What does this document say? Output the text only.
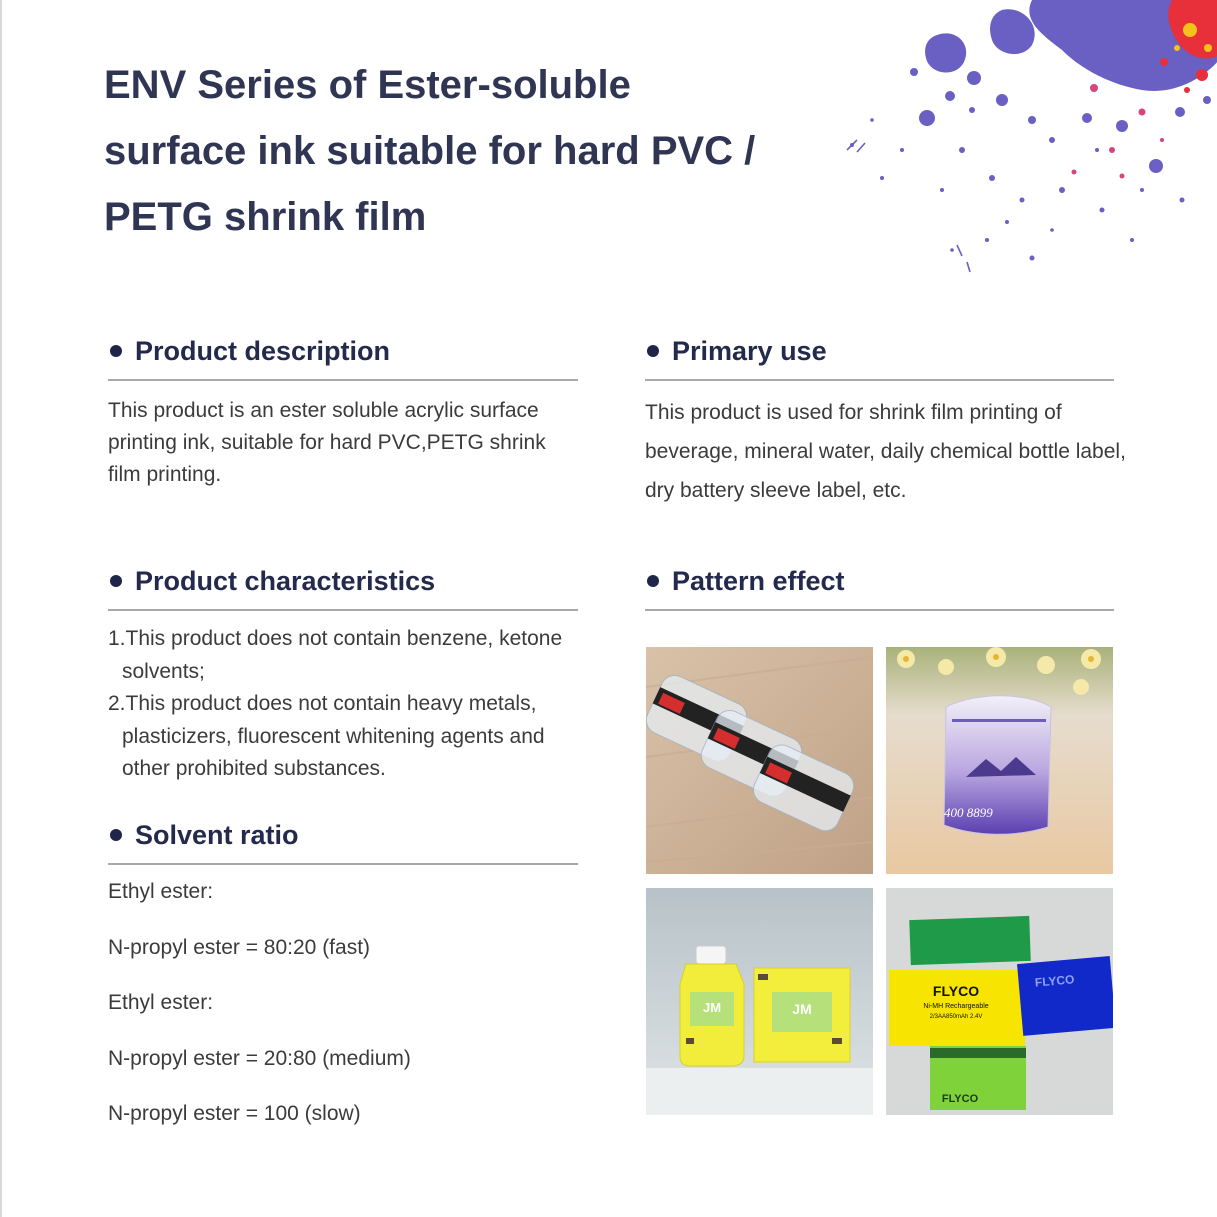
ENV Series of Ester-soluble
surface ink suitable for hard PVC /
PETG shrink film
Product description
This product is an ester soluble acrylic surface printing ink, suitable for hard PVC,PETG shrink film printing.
Primary use
This product is used for shrink film printing of beverage, mineral water, daily chemical bottle label, dry battery sleeve label, etc.
Product characteristics
1.This product does not contain benzene, ketone solvents;
2.This product does not contain heavy metals, plasticizers, fluorescent whitening agents and other prohibited substances.
Solvent ratio
Ethyl ester:
N-propyl ester = 80:20 (fast)
Ethyl ester:
N-propyl ester = 20:80 (medium)
N-propyl ester = 100 (slow)
Pattern effect
400 8899
JM	JM
FLYCO
Ni-MH Rechargeable
2/3AA850mAh 2.4V
FLYCO
FLYCO
